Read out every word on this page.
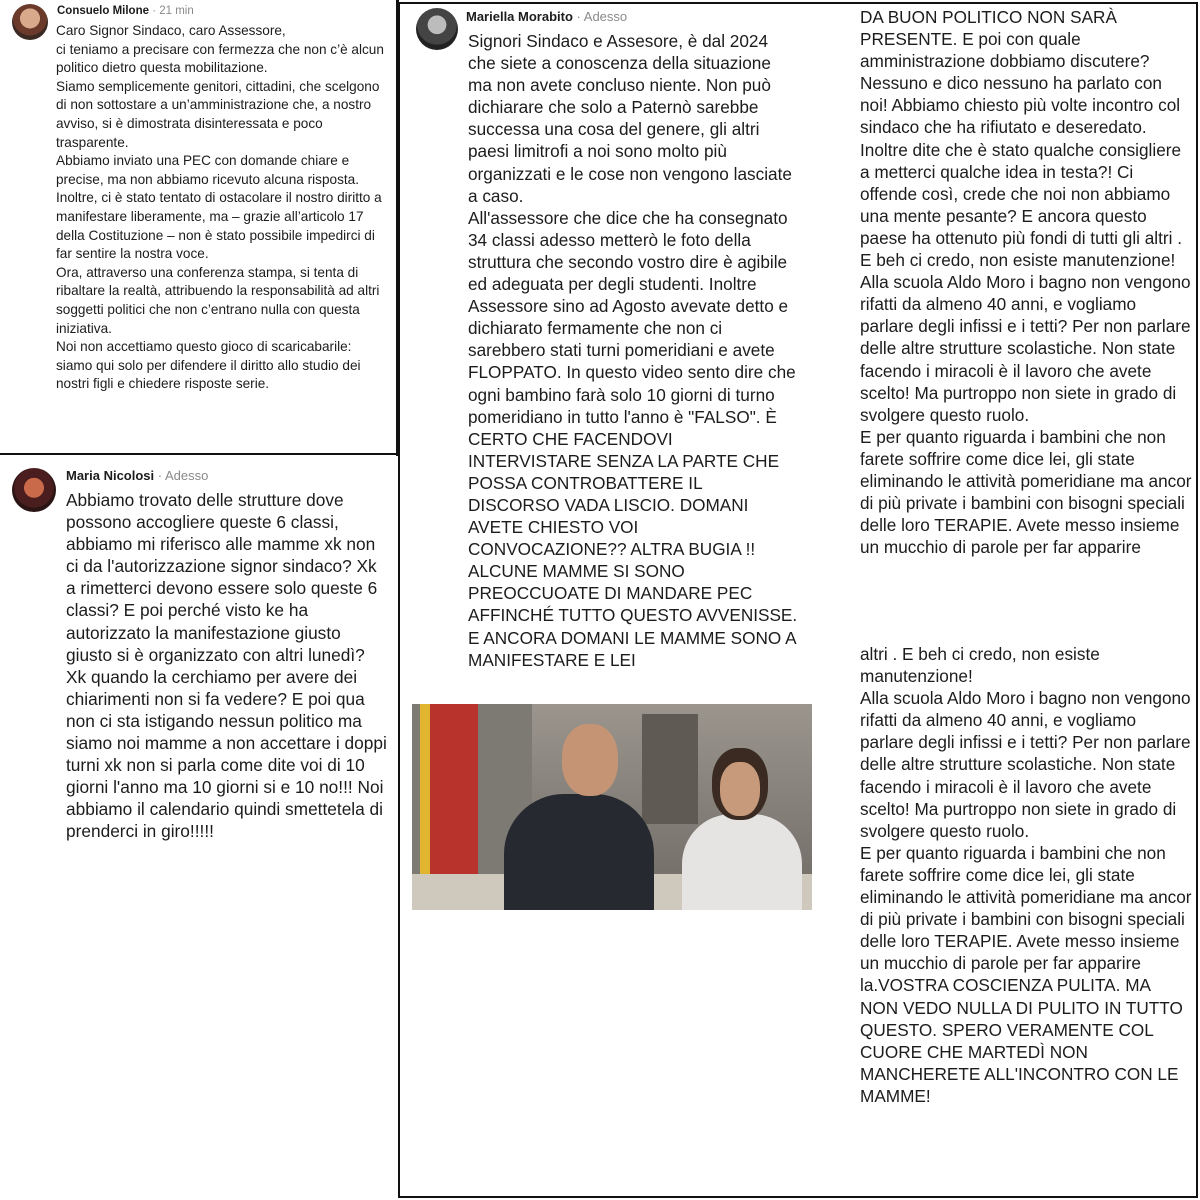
Consuelo Milone · 21 min

Caro Signor Sindaco, caro Assessore,
ci teniamo a precisare con fermezza che non c’è alcun politico dietro questa mobilitazione.
Siamo semplicemente genitori, cittadini, che scelgono di non sottostare a un’amministrazione che, a nostro avviso, si è dimostrata disinteressata e poco trasparente.
Abbiamo inviato una PEC con domande chiare e precise, ma non abbiamo ricevuto alcuna risposta.
Inoltre, ci è stato tentato di ostacolare il nostro diritto a manifestare liberamente, ma – grazie all’articolo 17 della Costituzione – non è stato possibile impedirci di far sentire la nostra voce.
Ora, attraverso una conferenza stampa, si tenta di ribaltare la realtà, attribuendo la responsabilità ad altri soggetti politici che non c’entrano nulla con questa iniziativa.
Noi non accettiamo questo gioco di scaricabarile: siamo qui solo per difendere il diritto allo studio dei nostri figli e chiedere risposte serie.

Maria Nicolosi · Adesso

Abbiamo trovato delle strutture dove possono accogliere queste 6 classi, abbiamo mi riferisco alle mamme xk non ci da l'autorizzazione signor sindaco? Xk a rimetterci devono essere solo queste 6 classi? E poi perché visto ke ha autorizzato la manifestazione giusto giusto si è organizzato con altri lunedì? Xk quando la cerchiamo per avere dei chiarimenti non si fa vedere? E poi qua non ci sta istigando nessun politico ma siamo noi mamme a non accettare i doppi turni xk non si parla come dite voi di 10 giorni l'anno ma 10 giorni si e 10 no!!! Noi abbiamo il calendario quindi smettetela di prenderci in giro!!!!!

Mariella Morabito · Adesso

Signori Sindaco e Assesore, è dal 2024 che siete a conoscenza della situazione ma non avete concluso niente. Non può dichiarare che solo a Paternò sarebbe successa una cosa del genere, gli altri paesi limitrofi a noi sono molto più organizzati e le cose non vengono lasciate a caso.
All'assessore che dice che ha consegnato 34 classi adesso metterò le foto della struttura che secondo vostro dire è agibile ed adeguata per degli studenti. Inoltre Assessore sino ad Agosto avevate detto e dichiarato fermamente che non ci sarebbero stati turni pomeridiani e avete FLOPPATO. In questo video sento dire che ogni bambino farà solo 10 giorni di turno pomeridiano in tutto l'anno è "FALSO". È CERTO CHE FACENDOVI INTERVISTARE SENZA LA PARTE CHE POSSA CONTROBATTERE IL DISCORSO VADA LISCIO. DOMANI AVETE CHIESTO VOI CONVOCAZIONE?? ALTRA BUGIA !! ALCUNE MAMME SI SONO PREOCCUOATE DI MANDARE PEC AFFINCHÉ TUTTO QUESTO AVVENISSE. E ANCORA DOMANI LE MAMME SONO A MANIFESTARE E LEI

DA BUON POLITICO NON SARÀ PRESENTE. E poi con quale amministrazione dobbiamo discutere? Nessuno e dico nessuno ha parlato con noi! Abbiamo chiesto più volte incontro col sindaco che ha rifiutato e deseredato. Inoltre dite che è stato qualche consigliere a metterci qualche idea in testa?! Ci offende così, crede che noi non abbiamo una mente pesante? E ancora questo paese ha ottenuto più fondi di tutti gli altri . E beh ci credo, non esiste manutenzione!
Alla scuola Aldo Moro i bagno non vengono rifatti da almeno 40 anni, e vogliamo parlare degli infissi e i tetti? Per non parlare delle altre strutture scolastiche. Non state facendo i miracoli è il lavoro che avete scelto! Ma purtroppo non siete in grado di svolgere questo ruolo.
E per quanto riguarda i bambini che non farete soffrire come dice lei, gli state eliminando le attività pomeridiane ma ancor di più private i bambini con bisogni speciali delle loro TERAPIE. Avete messo insieme un mucchio di parole per far apparire

altri . E beh ci credo, non esiste manutenzione!
Alla scuola Aldo Moro i bagno non vengono rifatti da almeno 40 anni, e vogliamo parlare degli infissi e i tetti? Per non parlare delle altre strutture scolastiche. Non state facendo i miracoli è il lavoro che avete scelto! Ma purtroppo non siete in grado di svolgere questo ruolo.
E per quanto riguarda i bambini che non farete soffrire come dice lei, gli state eliminando le attività pomeridiane ma ancor di più private i bambini con bisogni speciali delle loro TERAPIE. Avete messo insieme un mucchio di parole per far apparire la.VOSTRA COSCIENZA PULITA. MA NON VEDO NULLA DI PULITO IN TUTTO QUESTO. SPERO VERAMENTE COL CUORE CHE MARTEDÌ NON MANCHERETE ALL'INCONTRO CON LE MAMME!
